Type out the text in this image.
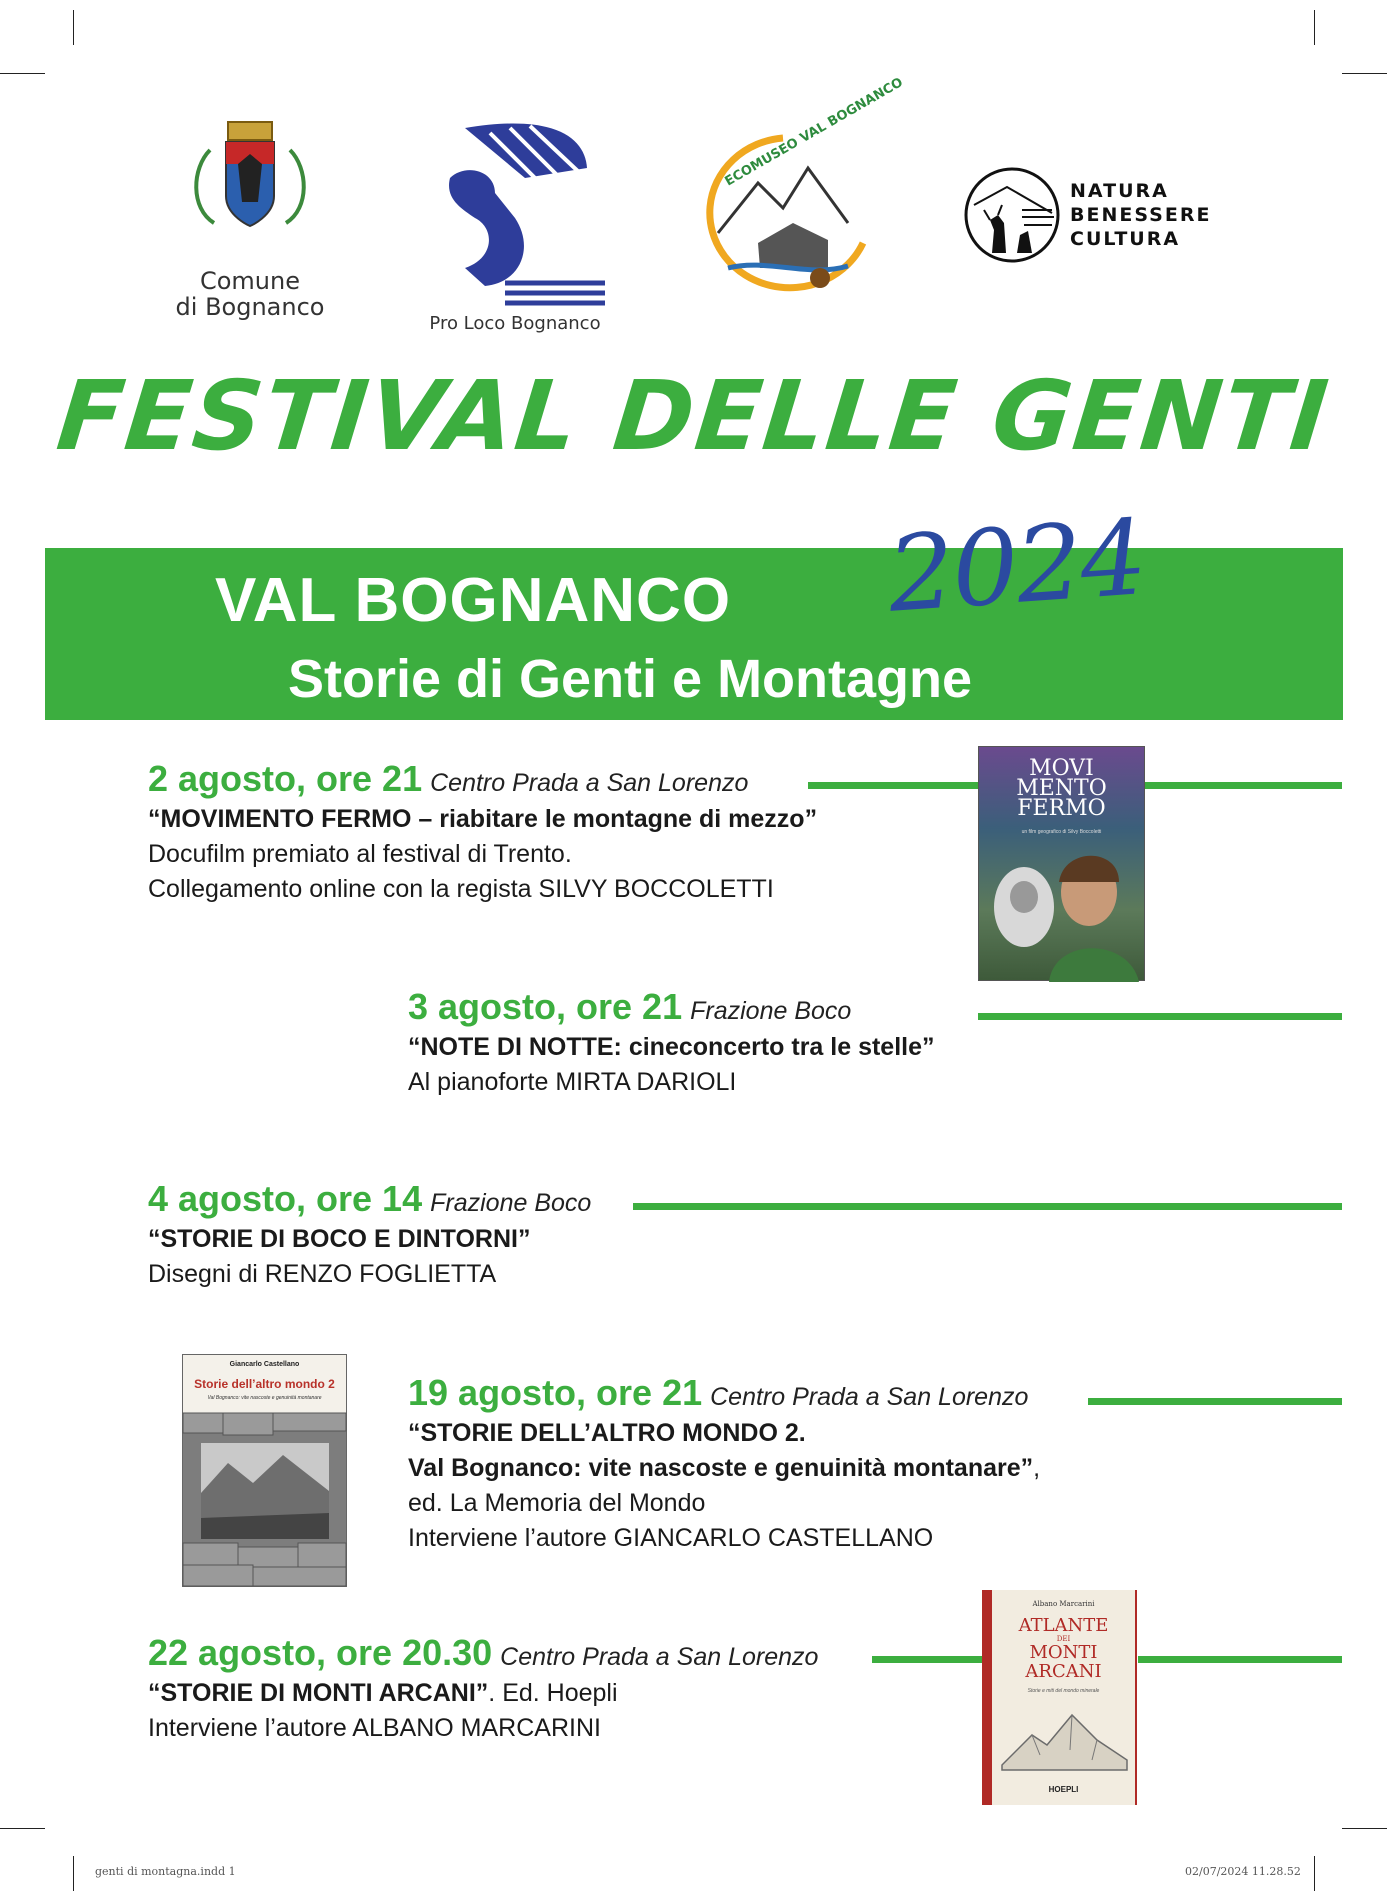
Comune
di Bognanco
Pro Loco Bognanco
ECOMUSEO VAL BOGNANCO
NATURA
BENESSERE
CULTURA
FESTIVAL DELLE GENTI
VAL BOGNANCO
Storie di Genti e Montagne
2024
2 agosto, ore 21 Centro Prada a San Lorenzo
“MOVIMENTO FERMO – riabitare le montagne di mezzo”
Docufilm premiato al festival di Trento.
Collegamento online con la regista SILVY BOCCOLETTI
MOVI
MENTO
FERMO
un film geografico di Silvy Boccoletti
3 agosto, ore 21 Frazione Boco
“NOTE DI NOTTE: cineconcerto tra le stelle”
Al pianoforte MIRTA DARIOLI
4 agosto, ore 14 Frazione Boco
“STORIE DI BOCO E DINTORNI”
Disegni di RENZO FOGLIETTA
Giancarlo Castellano
Storie dell’altro mondo 2
Val Bognanco: vite nascoste e genuinità montanare	19 agosto, ore 21 Centro Prada a San Lorenzo
“STORIE DELL’ALTRO MONDO 2.
Val Bognanco: vite nascoste e genuinità montanare”,
ed. La Memoria del Mondo
Interviene l’autore GIANCARLO CASTELLANO
22 agosto, ore 20.30 Centro Prada a San Lorenzo
“STORIE DI MONTI ARCANI”. Ed. Hoepli
Interviene l’autore ALBANO MARCARINI
Albano Marcarini
ATLANTE
DEI
MONTI
ARCANI
Storie e miti del mondo minerale
HOEPLI
genti di montagna.indd 1	02/07/2024 11.28.52
